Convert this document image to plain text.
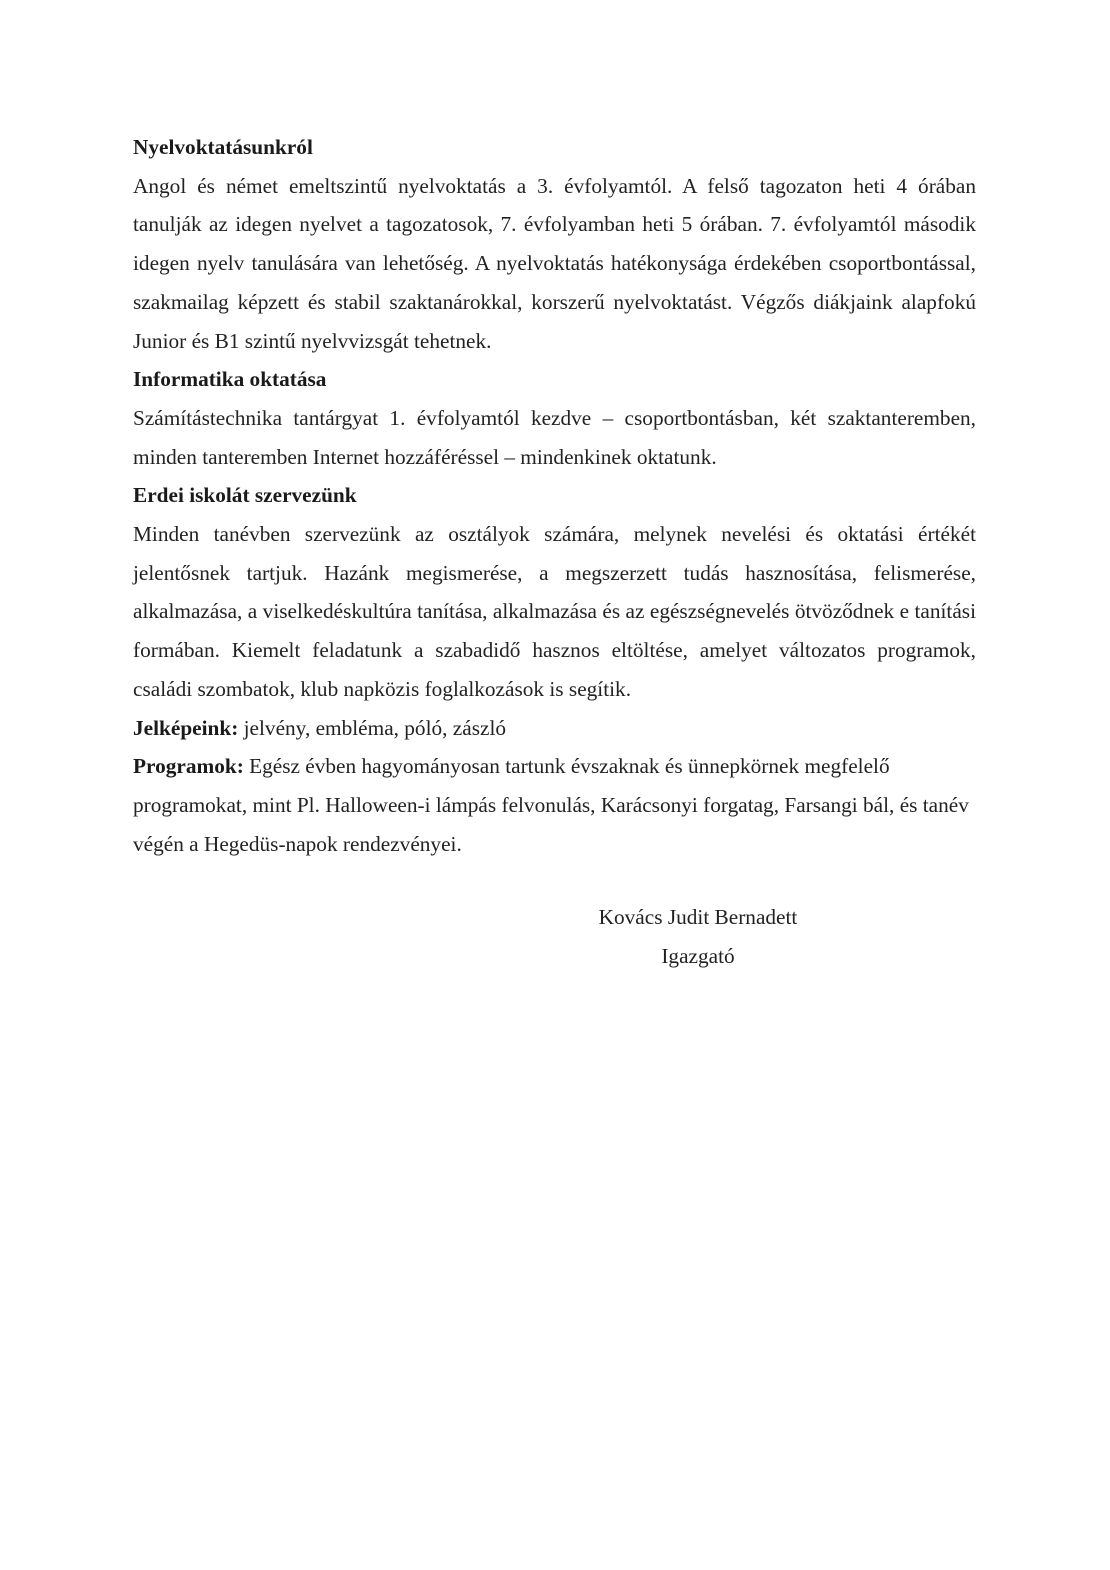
Nyelvoktatásunkról

Angol és német emeltszintű nyelvoktatás a 3. évfolyamtól. A felső tagozaton heti 4 órában tanulják az idegen nyelvet a tagozatosok, 7. évfolyamban heti 5 órában. 7. évfolyamtól második idegen nyelv tanulására van lehetőség. A nyelvoktatás hatékonysága érdekében csoportbontással, szakmailag képzett és stabil szaktanárokkal, korszerű nyelvoktatást. Végzős diákjaink alapfokú Junior és B1 szintű nyelvvizsgát tehetnek.

Informatika oktatása

Számítástechnika tantárgyat 1. évfolyamtól kezdve – csoportbontásban, két szaktanteremben, minden tanteremben Internet hozzáféréssel – mindenkinek oktatunk.

Erdei iskolát szervezünk

Minden tanévben szervezünk az osztályok számára, melynek nevelési és oktatási értékét jelentősnek tartjuk. Hazánk megismerése, a megszerzett tudás hasznosítása, felismerése, alkalmazása, a viselkedéskultúra tanítása, alkalmazása és az egészségnevelés ötvöződnek e tanítási formában. Kiemelt feladatunk a szabadidő hasznos eltöltése, amelyet változatos programok, családi szombatok, klub napközis foglalkozások is segítik.

Jelképeink: jelvény, embléma, póló, zászló

Programok: Egész évben hagyományosan tartunk évszaknak és ünnepkörnek megfelelő programokat, mint Pl. Halloween-i lámpás felvonulás, Karácsonyi forgatag, Farsangi bál, és tanév végén a Hegedüs-napok rendezvényei.

Kovács Judit Bernadett
Igazgató
